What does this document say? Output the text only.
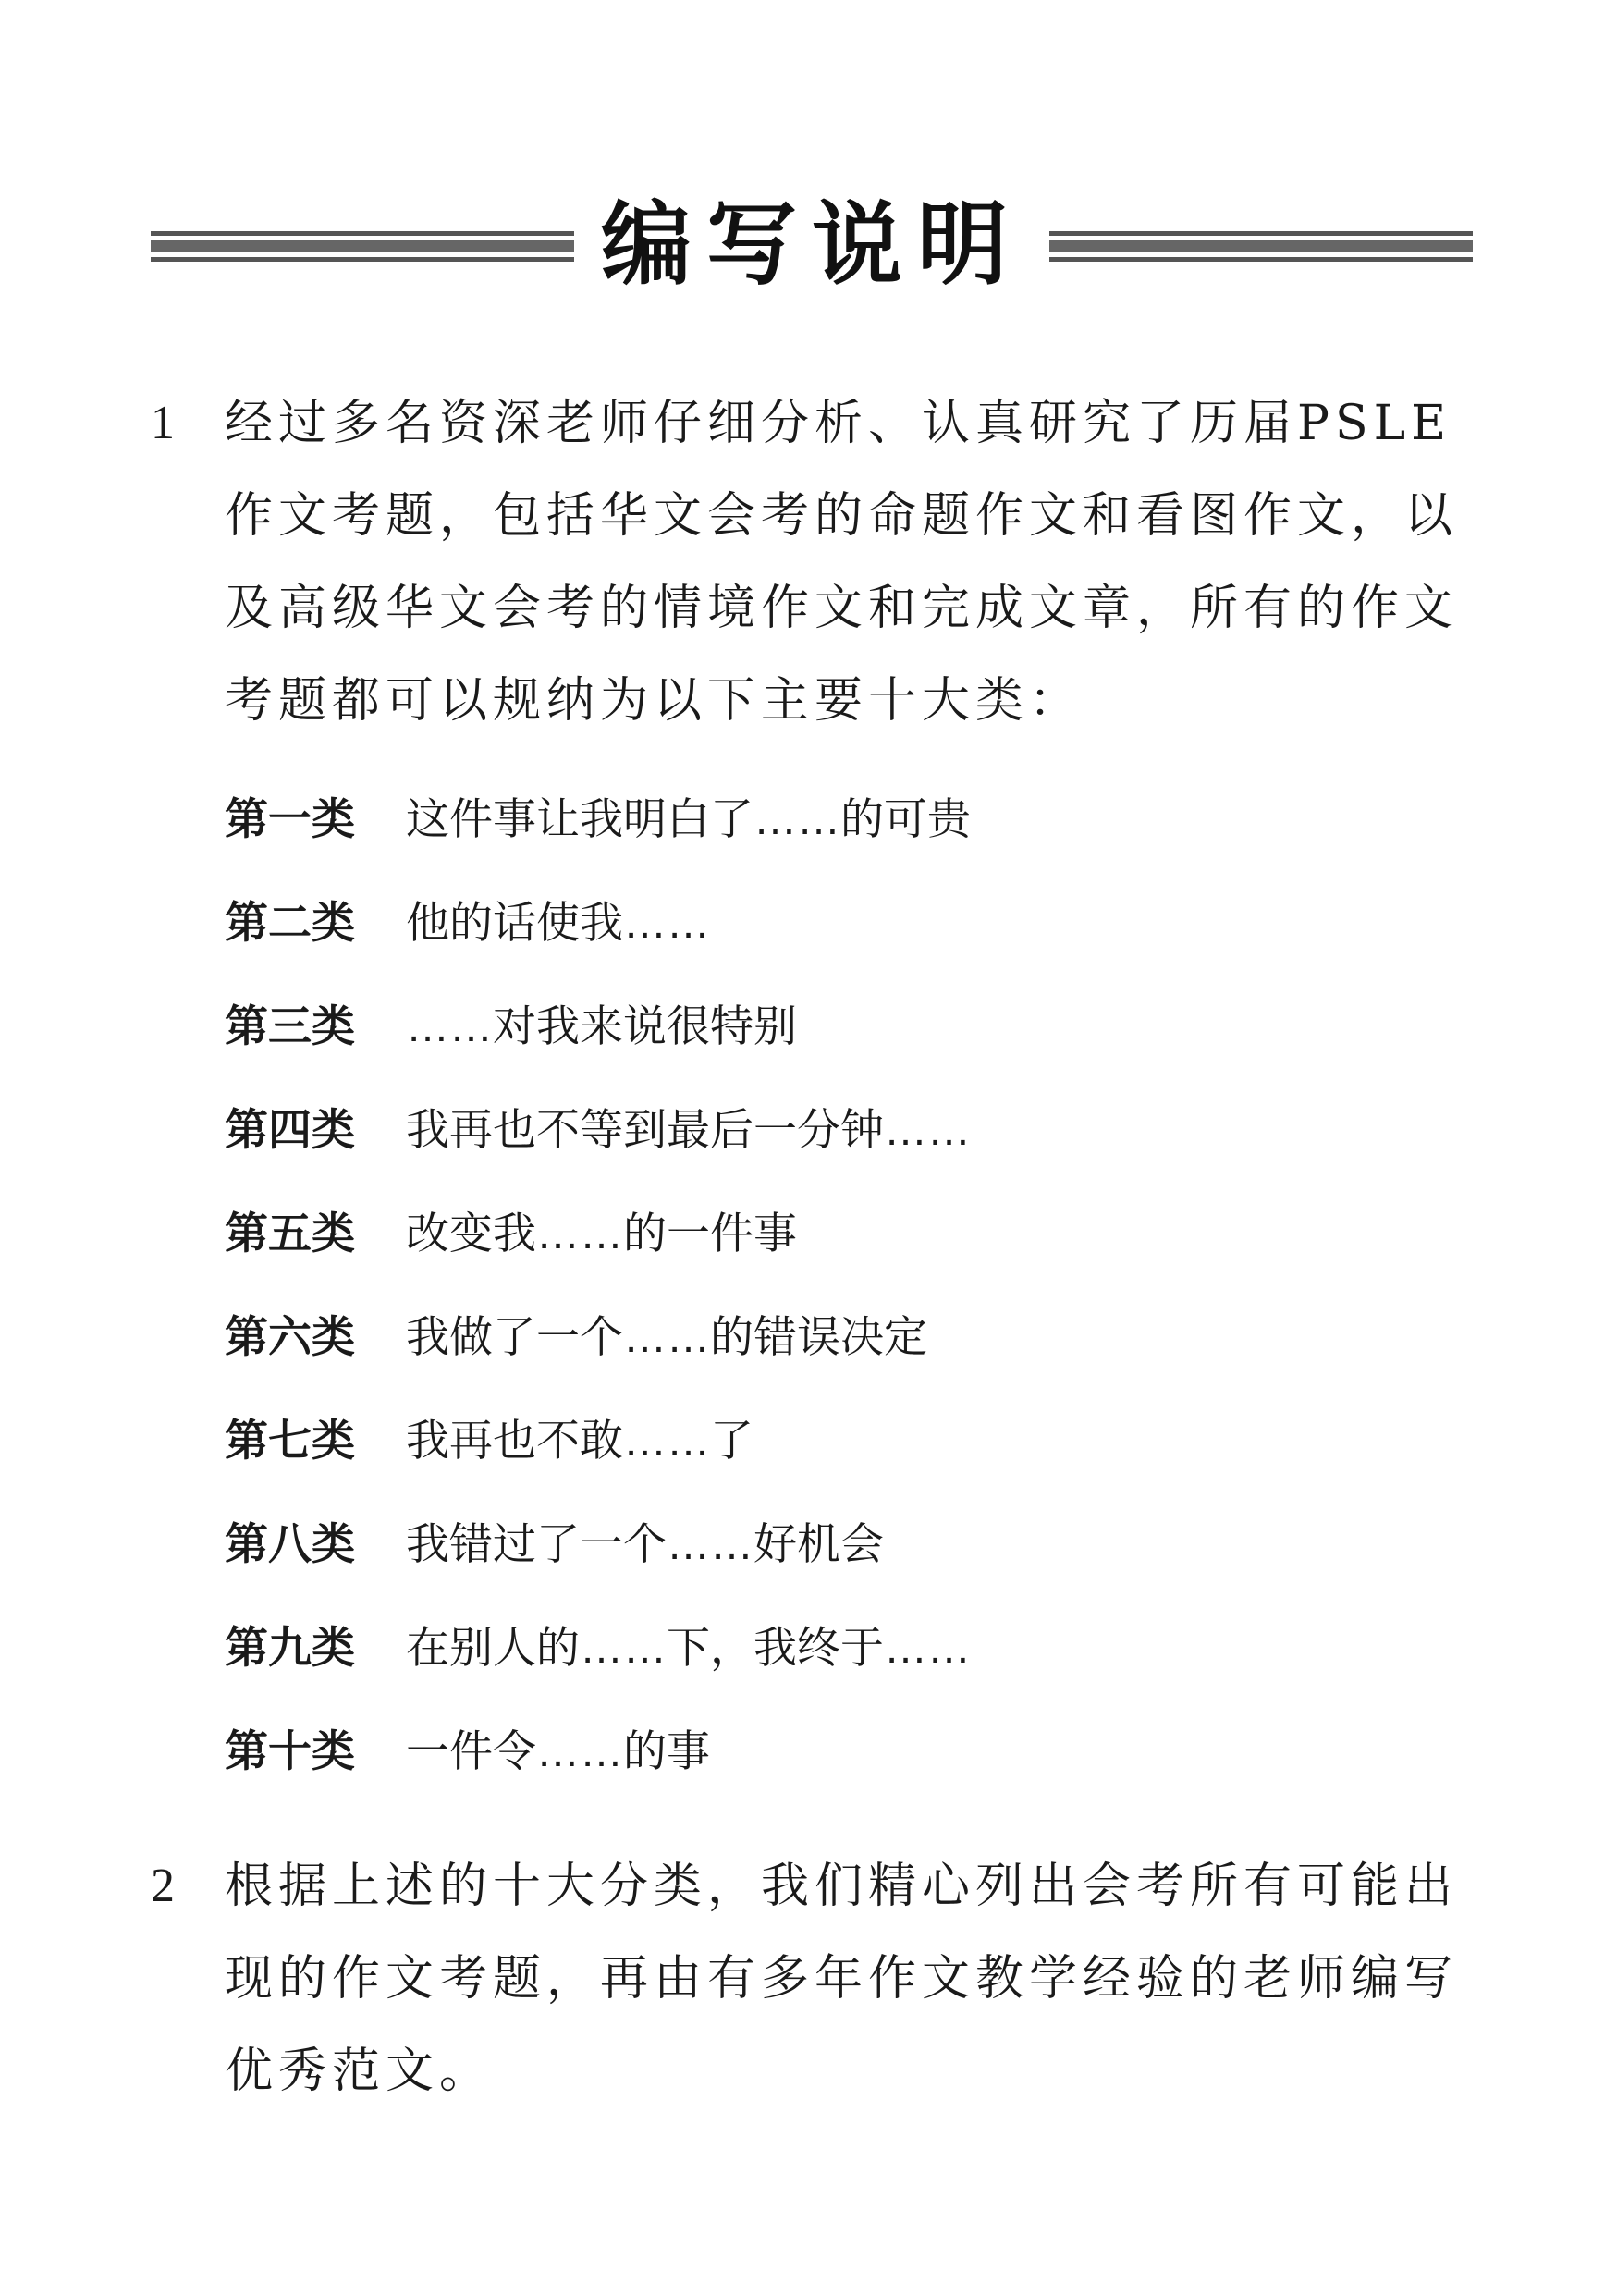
编写说明
1 经过多名资深老师仔细分析、认真研究了历届PSLE作文考题，包括华文会考的命题作文和看图作文，以及高级华文会考的情境作文和完成文章，所有的作文考题都可以规纳为以下主要十大类：
第一类 这件事让我明白了……的可贵
第二类 他的话使我……
第三类 ……对我来说很特别
第四类 我再也不等到最后一分钟……
第五类 改变我……的一件事
第六类 我做了一个……的错误决定
第七类 我再也不敢……了
第八类 我错过了一个……好机会
第九类 在别人的……下，我终于……
第十类 一件令……的事
2 根据上述的十大分类，我们精心列出会考所有可能出现的作文考题，再由有多年作文教学经验的老师编写优秀范文。
